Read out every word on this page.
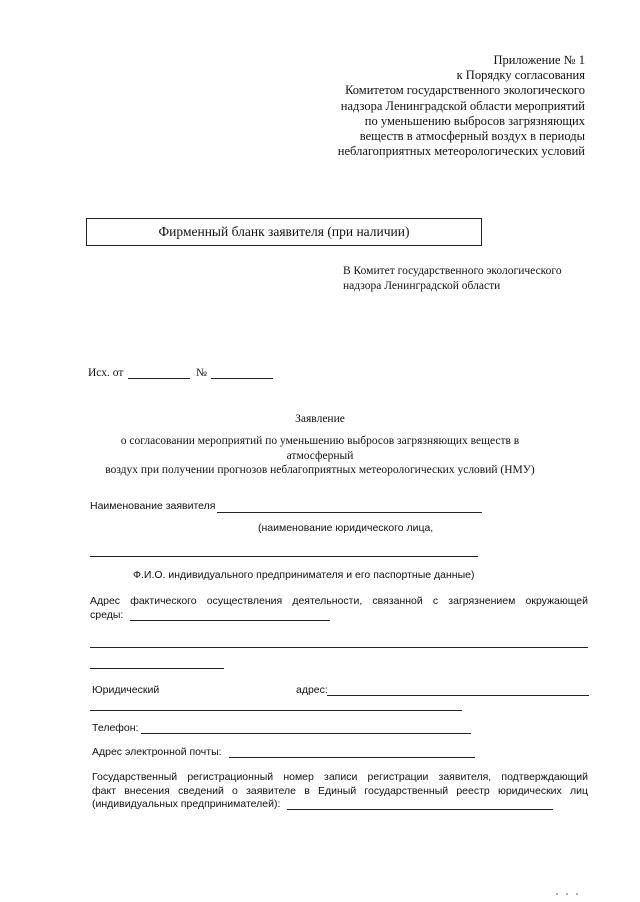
Приложение № 1
к Порядку согласования
Комитетом государственного экологического
надзора Ленинградской области мероприятий
по уменьшению выбросов загрязняющих
веществ в атмосферный воздух в периоды
неблагоприятных метеорологических условий
Фирменный бланк заявителя (при наличии)
В Комитет государственного экологического
надзора Ленинградской области
Исх. от	№
Заявление
о согласовании мероприятий по уменьшению выбросов загрязняющих веществ в атмосферный
воздух при получении прогнозов неблагоприятных метеорологических условий (НМУ)
Наименование заявителя
(наименование юридического лица,
Ф.И.О. индивидуального предпринимателя и его паспортные данные)
Адрес фактического осуществления деятельности, связанной с загрязнением окружающей
среды:
Юридический	адрес:
Телефон:
Адрес электронной почты:
Государственный регистрационный номер записи регистрации заявителя, подтверждающий
факт внесения сведений о заявителе в Единый государственный реестр юридических лиц
(индивидуальных предпринимателей):
